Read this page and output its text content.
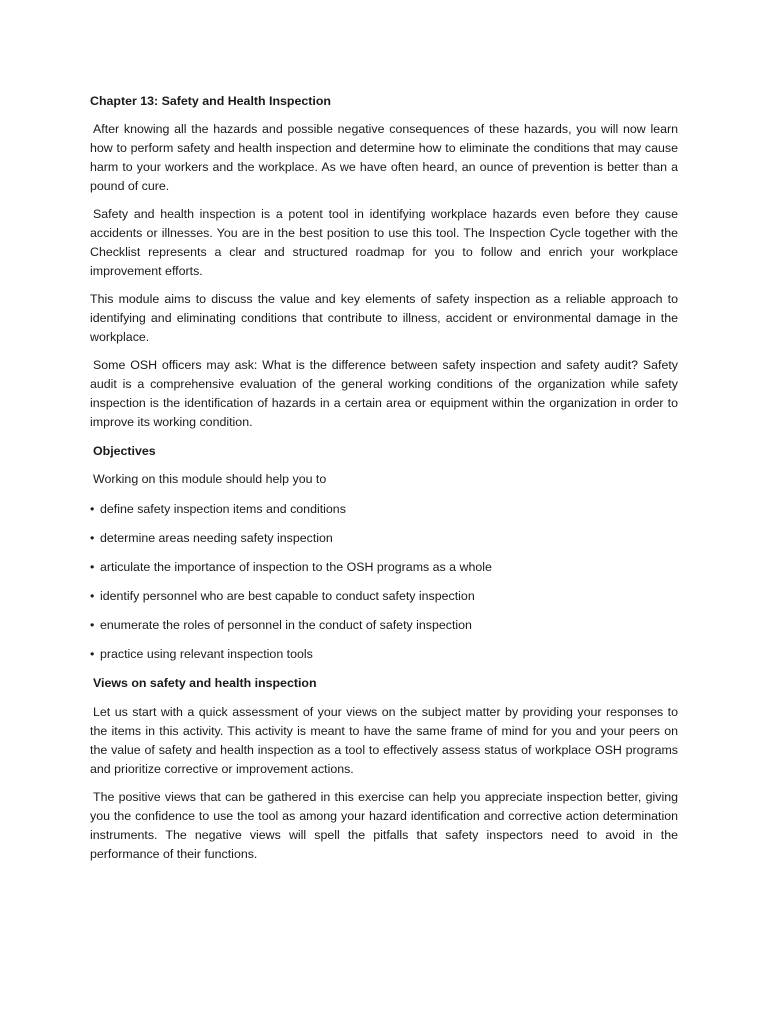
Chapter 13: Safety and Health Inspection

After knowing all the hazards and possible negative consequences of these hazards, you will now learn how to perform safety and health inspection and determine how to eliminate the conditions that may cause harm to your workers and the workplace. As we have often heard, an ounce of prevention is better than a pound of cure.

Safety and health inspection is a potent tool in identifying workplace hazards even before they cause accidents or illnesses. You are in the best position to use this tool. The Inspection Cycle together with the Checklist represents a clear and structured roadmap for you to follow and enrich your workplace improvement efforts.

This module aims to discuss the value and key elements of safety inspection as a reliable approach to identifying and eliminating conditions that contribute to illness, accident or environmental damage in the workplace.

Some OSH officers may ask: What is the difference between safety inspection and safety audit? Safety audit is a comprehensive evaluation of the general working conditions of the organization while safety inspection is the identification of hazards in a certain area or equipment within the organization in order to improve its working condition.

Objectives

Working on this module should help you to

• define safety inspection items and conditions
• determine areas needing safety inspection
• articulate the importance of inspection to the OSH programs as a whole
• identify personnel who are best capable to conduct safety inspection
• enumerate the roles of personnel in the conduct of safety inspection
• practice using relevant inspection tools
Views on safety and health inspection

Let us start with a quick assessment of your views on the subject matter by providing your responses to the items in this activity. This activity is meant to have the same frame of mind for you and your peers on the value of safety and health inspection as a tool to effectively assess status of workplace OSH programs and prioritize corrective or improvement actions.

The positive views that can be gathered in this exercise can help you appreciate inspection better, giving you the confidence to use the tool as among your hazard identification and corrective action determination instruments. The negative views will spell the pitfalls that safety inspectors need to avoid in the performance of their functions.
